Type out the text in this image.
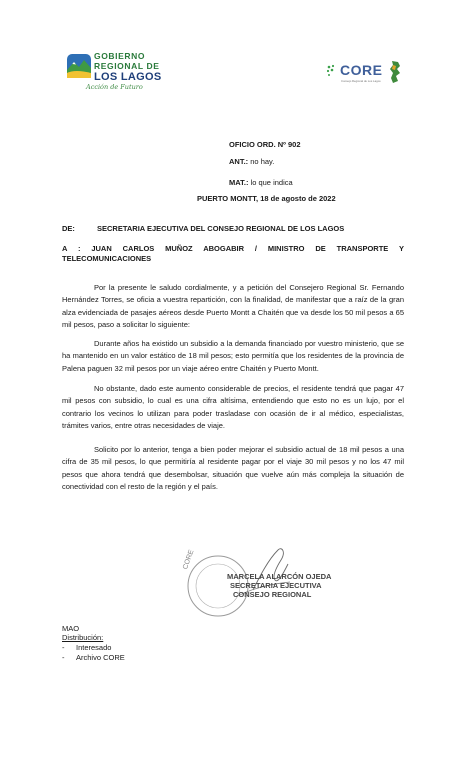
GOBIERNO
REGIONAL DE
LOS LAGOS
Acción de Futuro
CORE
Consejo Regional de Los Lagos
OFICIO ORD. Nº 902
ANT.: no hay.
MAT.: lo que indica
PUERTO MONTT, 18 de agosto de 2022
DE:	SECRETARIA EJECUTIVA DEL CONSEJO REGIONAL DE LOS LAGOS
A : JUAN CARLOS MUÑOZ ABOGABIR / MINISTRO DE TRANSPORTE Y
TELECOMUNICACIONES
Por la presente le saludo cordialmente, y a petición del Consejero Regional Sr. Fernando Hernández Torres, se oficia a vuestra repartición, con la finalidad, de manifestar que a raíz de la gran alza evidenciada de pasajes aéreos desde Puerto Montt a Chaitén que va desde los 50 mil pesos a 65 mil pesos, paso a solicitar lo siguiente:
Durante años ha existido un subsidio a la demanda financiado por vuestro ministerio, que se ha mantenido en un valor estático de 18 mil pesos; esto permitía que los residentes de la provincia de Palena paguen 32 mil pesos por un viaje aéreo entre Chaitén y Puerto Montt.
No obstante, dado este aumento considerable de precios, el residente tendrá que pagar 47 mil pesos con subsidio, lo cual es una cifra altísima, entendiendo que esto no es un lujo, por el contrario los vecinos lo utilizan para poder trasladase con ocasión de ir al médico, especialistas, trámites varios, entre otras necesidades de viaje.
Solicito por lo anterior, tenga a bien poder mejorar el subsidio actual de 18 mil pesos a una cifra de 35 mil pesos, lo que permitiría al residente pagar por el viaje 30 mil pesos y no los 47 mil pesos que ahora tendrá que desembolsar, situación que vuelve aún más compleja la situación de conectividad con el resto de la región y el país.
CORE
MARCELA ALARCÓN OJEDA
SECRETARIA EJECUTIVA
CONSEJO REGIONAL
MAO
Distribución:
- Interesado
- Archivo CORE
